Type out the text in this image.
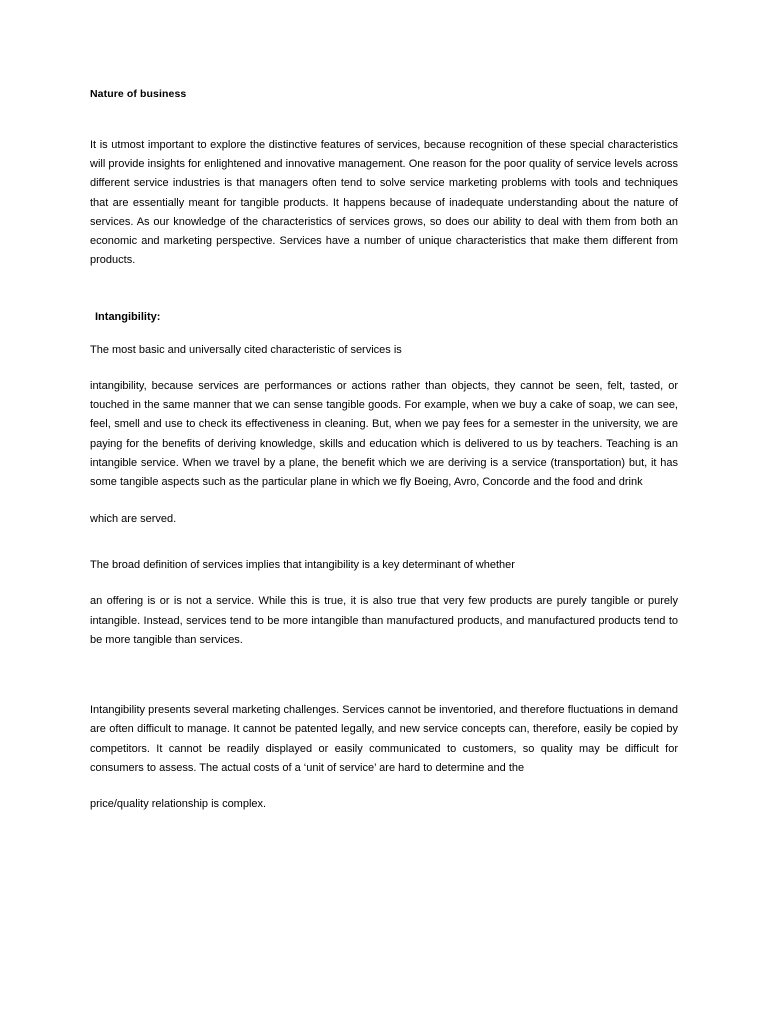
Nature of business

It is utmost important to explore the distinctive features of services, because recognition of these special characteristics will provide insights for enlightened and innovative management. One reason for the poor quality of service levels across different service industries is that managers often tend to solve service marketing problems with tools and techniques that are essentially meant for tangible products. It happens because of inadequate understanding about the nature of services. As our knowledge of the characteristics of services grows, so does our ability to deal with them from both an economic and marketing perspective. Services have a number of unique characteristics that make them different from products.

Intangibility:

The most basic and universally cited characteristic of services is

intangibility, because services are performances or actions rather than objects, they cannot be seen, felt, tasted, or touched in the same manner that we can sense tangible goods. For example, when we buy a cake of soap, we can see, feel, smell and use to check its effectiveness in cleaning. But, when we pay fees for a semester in the university, we are paying for the benefits of deriving knowledge, skills and education which is delivered to us by teachers. Teaching is an intangible service. When we travel by a plane, the benefit which we are deriving is a service (transportation) but, it has some tangible aspects such as the particular plane in which we fly Boeing, Avro, Concorde and the food and drink

which are served.

The broad definition of services implies that intangibility is a key determinant of whether

an offering is or is not a service. While this is true, it is also true that very few products are purely tangible or purely intangible. Instead, services tend to be more intangible than manufactured products, and manufactured products tend to be more tangible than services.

Intangibility presents several marketing challenges. Services cannot be inventoried, and therefore fluctuations in demand are often difficult to manage. It cannot be patented legally, and new service concepts can, therefore, easily be copied by competitors. It cannot be readily displayed or easily communicated to customers, so quality may be difficult for consumers to assess. The actual costs of a ‘unit of service’ are hard to determine and the

price/quality relationship is complex.
